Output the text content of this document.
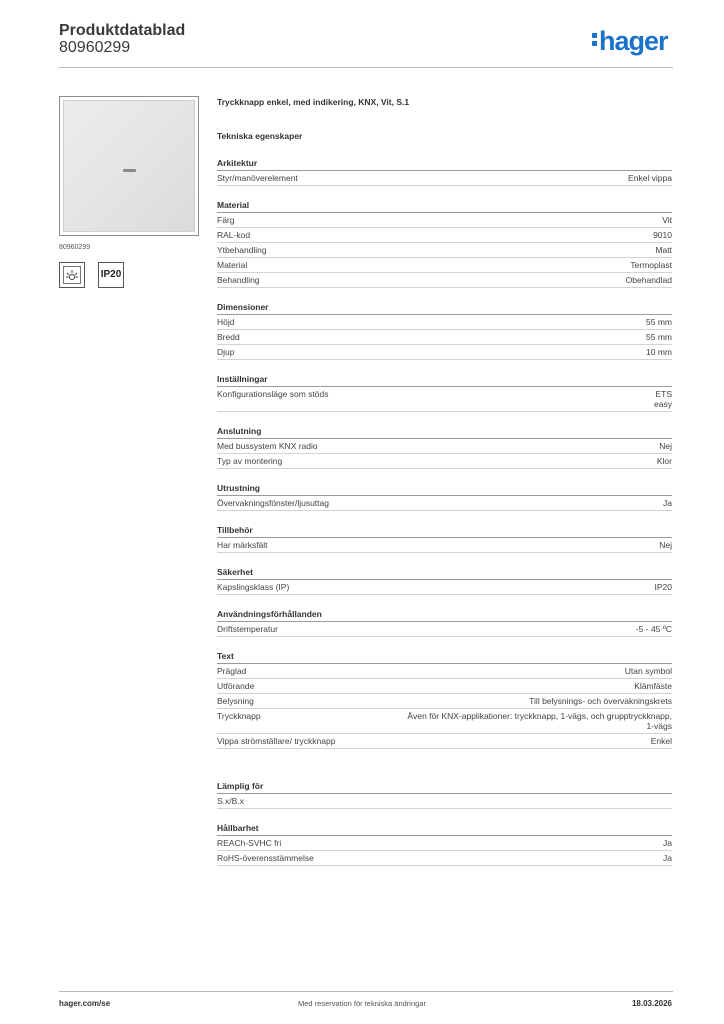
Produktdatablad
80960299	hager
80960299
IP20
Tryckknapp enkel, med indikering, KNX, Vit, S.1
Tekniska egenskaper
Arkitektur
Styr/manöverelement	Enkel vippa
Material
Färg	Vit
RAL-kod	9010
Ytbehandling	Matt
Material	Termoplast
Behandling	Obehandlad
Dimensioner
Höjd	55 mm
Bredd	55 mm
Djup	10 mm
Inställningar
Konfigurationsläge som stöds	ETS
easy
Anslutning
Med bussystem KNX radio	Nej
Typ av montering	Klor
Utrustning
Övervakningsfönster/ljusuttag	Ja
Tillbehör
Har märksfält	Nej
Säkerhet
Kapslingsklass (IP)	IP20
Användningsförhållanden
Driftstemperatur	-5 - 45 ºC
Text
Präglad	Utan symbol
Utförande	Klämfäste
Belysning	Till belysnings- och övervakningskrets
Tryckknapp	Även för KNX-applikationer: tryckknapp, 1-vägs, och grupptryckknapp,
1-vägs
Vippa strömställare/ tryckknapp	Enkel
Lämplig för
S.x/B.x
Hållbarhet
REACh-SVHC fri	Ja
RoHS-överensstämmelse	Ja
hager.com/se	Med reservation för tekniska ändringar	18.03.2026
